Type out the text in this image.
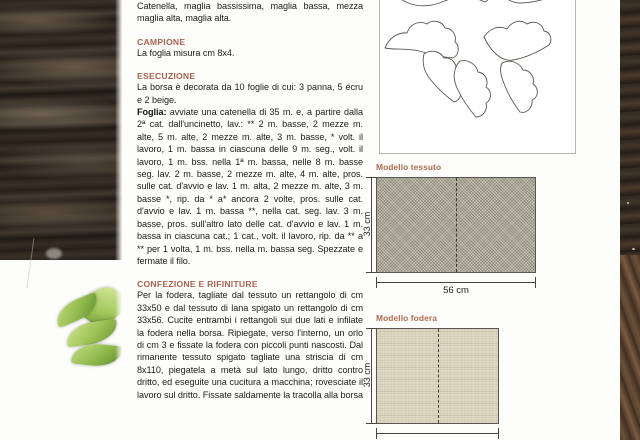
Catenella, maglia bassissima, maglia bassa, mezza maglia alta, maglia alta.

CAMPIONE

La foglia misura cm 8x4.

ESECUZIONE

La borsa è decorata da 10 foglie di cui: 3 panna, 5 écru e 2 beige.

Foglia: avviate una catenella di 35 m. e, a partire dalla 2ª cat. dall'uncinetto, lav.: ** 2 m. basse, 2 mezze m. alte, 5 m. alte, 2 mezze m. alte, 3 m. basse, * volt. il lavoro, 1 m. bassa in ciascuna delle 9 m. seg., volt. il lavoro, 1 m. bss. nella 1ª m. bassa, nelle 8 m. basse seg. lav. 2 m. basse, 2 mezze m. alte, 4 m. alte, pros. sulle cat. d'avvio e lav. 1 m. alta, 2 mezze m. alte, 3 m. basse *, rip. da * a* ancora 2 volte, pros. sulle cat. d'avvio e lav. 1 m. bassa **, nella cat. seg. lav. 3 m. basse, pros. sull'altro lato delle cat. d'avvio e lav. 1 m. bassa in ciascuna cat.; 1 cat., volt. il lavoro, rip. da ** a ** per 1 volta, 1 m. bss. nella m. bassa seg. Spezzate e fermate il filo.

CONFEZIONE E RIFINITURE

Per la fodera, tagliate dal tessuto un rettangolo di cm 33x50 e dal tessuto di lana spigato un rettangolo di cm 33x56. Cucite entrambi i rettangoli sui due lati e infilate la fodera nella borsa. Ripiegate, verso l'interno, un orlo di cm 3 e fissate la fodera con piccoli punti nascosti. Dal rimanente tessuto spigato tagliate una striscia di cm 8x110, piegatela a metà sul lato lungo, dritto contro dritto, ed eseguite una cucitura a macchina; rovesciate il lavoro sul dritto. Fissate saldamente la tracolla alla borsa

Modello tessuto
33 cm
56 cm
Modello fodera
33 cm
